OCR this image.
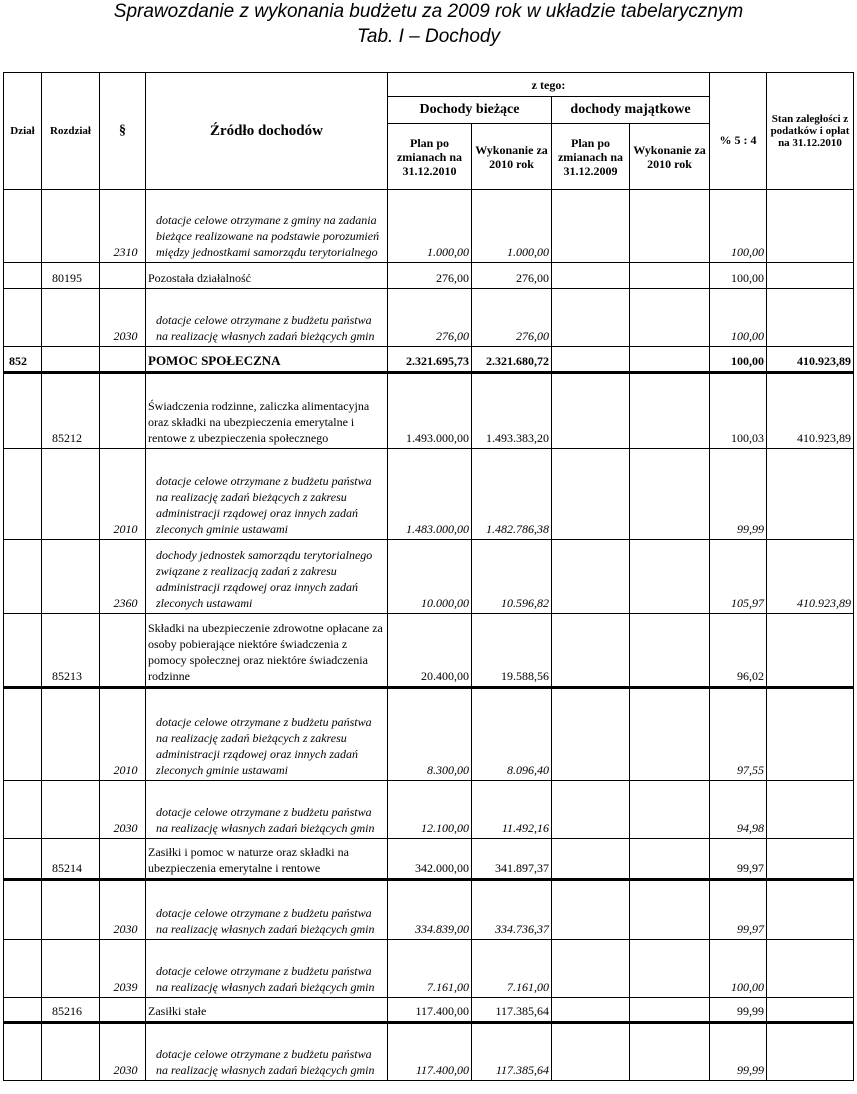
Sprawozdanie z wykonania budżetu za 2009 rok w układzie tabelarycznym
Tab. I – Dochody
Dział	Rozdział	§	Źródło dochodów	z tego:				% 5 : 4	Stan zaległości z podatków i opłat na 31.12.2010
				Dochody bieżące		dochody majątkowe			
				Plan po zmianach na 31.12.2010	Wykonanie za 2010 rok	Plan po zmianach na 31.12.2009	Wykonanie za 2010 rok		
		2310	dotacje celowe otrzymane z gminy na zadania bieżące realizowane na podstawie porozumień między jednostkami samorządu terytorialnego	1.000,00	1.000,00			100,00	
	80195		Pozostała działalność	276,00	276,00			100,00	
		2030	dotacje celowe otrzymane z budżetu państwa na realizację własnych zadań bieżących gmin	276,00	276,00			100,00	
852			POMOC SPOŁECZNA	2.321.695,73	2.321.680,72			100,00	410.923,89
	85212		Świadczenia rodzinne, zaliczka alimentacyjna oraz składki na ubezpieczenia emerytalne i rentowe z ubezpieczenia społecznego	1.493.000,00	1.493.383,20			100,03	410.923,89
		2010	dotacje celowe otrzymane z budżetu państwa na realizację zadań bieżących z zakresu administracji rządowej oraz innych zadań zleconych gminie ustawami	1.483.000,00	1.482.786,38			99,99	
		2360	dochody jednostek samorządu terytorialnego związane z realizacją zadań z zakresu administracji rządowej oraz innych zadań zleconych ustawami	10.000,00	10.596,82			105,97	410.923,89
	85213		Składki na ubezpieczenie zdrowotne opłacane za osoby pobierające niektóre świadczenia z pomocy społecznej oraz niektóre świadczenia rodzinne	20.400,00	19.588,56			96,02	
		2010	dotacje celowe otrzymane z budżetu państwa na realizację zadań bieżących z zakresu administracji rządowej oraz innych zadań zleconych gminie ustawami	8.300,00	8.096,40			97,55	
		2030	dotacje celowe otrzymane z budżetu państwa na realizację własnych zadań bieżących gmin	12.100,00	11.492,16			94,98	
	85214		Zasiłki i pomoc w naturze oraz składki na ubezpieczenia emerytalne i rentowe	342.000,00	341.897,37			99,97	
		2030	dotacje celowe otrzymane z budżetu państwa na realizację własnych zadań bieżących gmin	334.839,00	334.736,37			99,97	
		2039	dotacje celowe otrzymane z budżetu państwa na realizację własnych zadań bieżących gmin	7.161,00	7.161,00			100,00	
	85216		Zasiłki stałe	117.400,00	117.385,64			99,99	
		2030	dotacje celowe otrzymane z budżetu państwa na realizację własnych zadań bieżących gmin	117.400,00	117.385,64			99,99	
